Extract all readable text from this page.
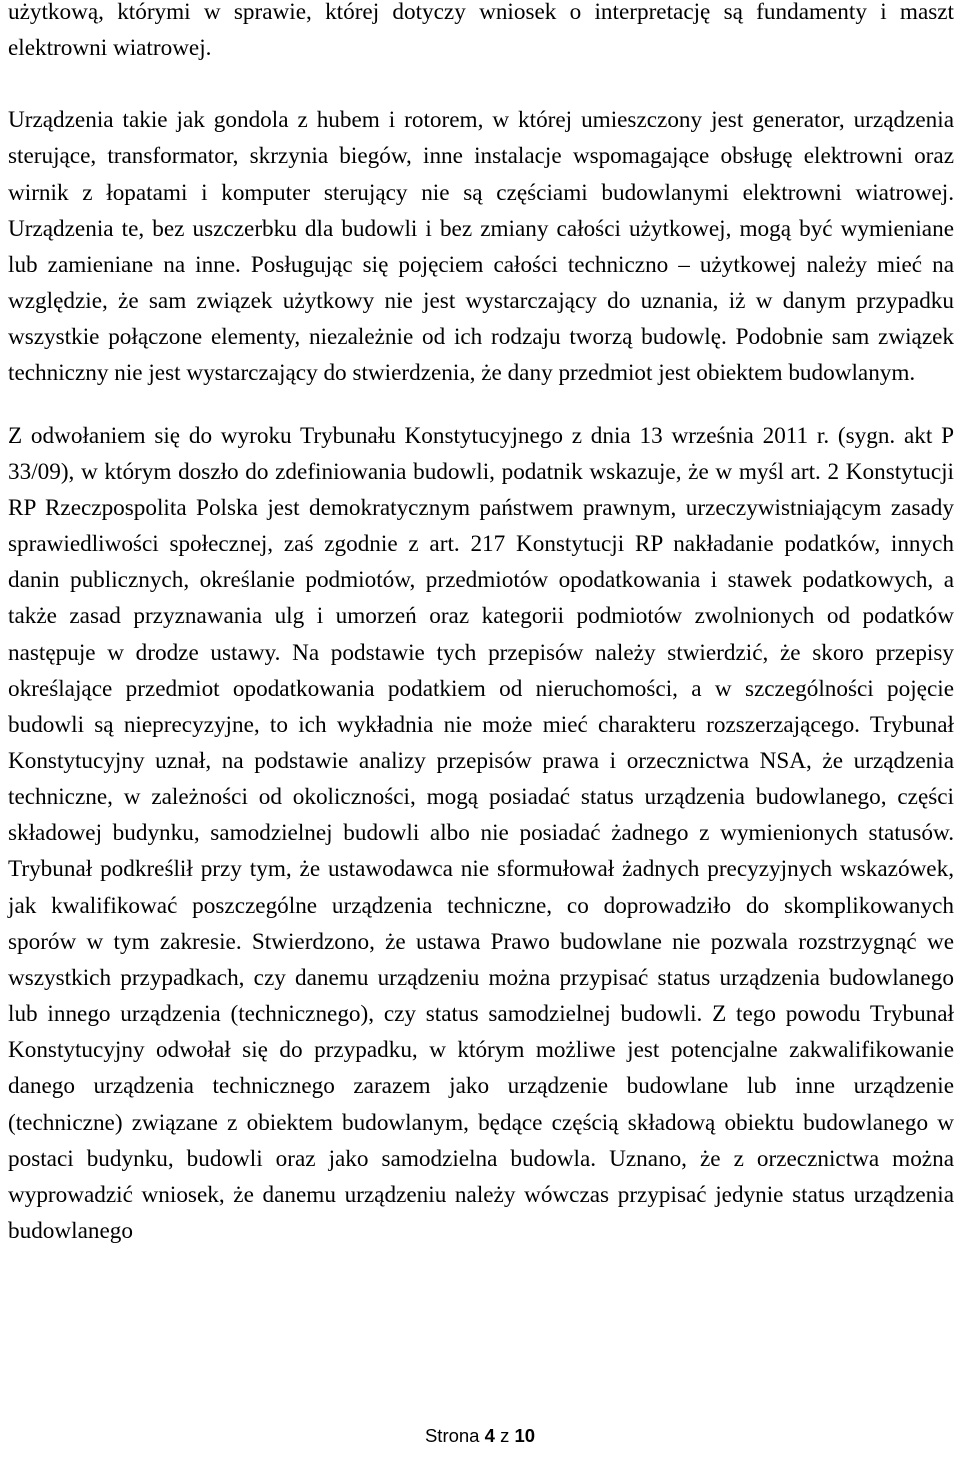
użytkową, którymi w sprawie, której dotyczy wniosek o interpretację są fundamenty i maszt elektrowni wiatrowej.

Urządzenia takie jak gondola z hubem i rotorem, w której umieszczony jest generator, urządzenia sterujące, transformator, skrzynia biegów, inne instalacje wspomagające obsługę elektrowni oraz wirnik z łopatami i komputer sterujący nie są częściami budowlanymi elektrowni wiatrowej. Urządzenia te, bez uszczerbku dla budowli i bez zmiany całości użytkowej, mogą być wymieniane lub zamieniane na inne. Posługując się pojęciem całości techniczno – użytkowej należy mieć na względzie, że sam związek użytkowy nie jest wystarczający do uznania, iż w danym przypadku wszystkie połączone elementy, niezależnie od ich rodzaju tworzą budowlę. Podobnie sam związek techniczny nie jest wystarczający do stwierdzenia, że dany przedmiot jest obiektem budowlanym.

Z odwołaniem się do wyroku Trybunału Konstytucyjnego z dnia 13 września 2011 r. (sygn. akt P 33/09), w którym doszło do zdefiniowania budowli, podatnik wskazuje, że w myśl art. 2 Konstytucji RP Rzeczpospolita Polska jest demokratycznym państwem prawnym, urzeczywistniającym zasady sprawiedliwości społecznej, zaś zgodnie z art. 217 Konstytucji RP nakładanie podatków, innych danin publicznych, określanie podmiotów, przedmiotów opodatkowania i stawek podatkowych, a także zasad przyznawania ulg i umorzeń oraz kategorii podmiotów zwolnionych od podatków następuje w drodze ustawy. Na podstawie tych przepisów należy stwierdzić, że skoro przepisy określające przedmiot opodatkowania podatkiem od nieruchomości, a w szczególności pojęcie budowli są nieprecyzyjne, to ich wykładnia nie może mieć charakteru rozszerzającego. Trybunał Konstytucyjny uznał, na podstawie analizy przepisów prawa i orzecznictwa NSA, że urządzenia techniczne, w zależności od okoliczności, mogą posiadać status urządzenia budowlanego, części składowej budynku, samodzielnej budowli albo nie posiadać żadnego z wymienionych statusów. Trybunał podkreślił przy tym, że ustawodawca nie sformułował żadnych precyzyjnych wskazówek, jak kwalifikować poszczególne urządzenia techniczne, co doprowadziło do skomplikowanych sporów w tym zakresie. Stwierdzono, że ustawa Prawo budowlane nie pozwala rozstrzygnąć we wszystkich przypadkach, czy danemu urządzeniu można przypisać status urządzenia budowlanego lub innego urządzenia (technicznego), czy status samodzielnej budowli. Z tego powodu Trybunał Konstytucyjny odwołał się do przypadku, w którym możliwe jest potencjalne zakwalifikowanie danego urządzenia technicznego zarazem jako urządzenie budowlane lub inne urządzenie (techniczne) związane z obiektem budowlanym, będące częścią składową obiektu budowlanego w postaci budynku, budowli oraz jako samodzielna budowla. Uznano, że z orzecznictwa można wyprowadzić wniosek, że danemu urządzeniu należy wówczas przypisać jedynie status urządzenia budowlanego

Strona 4 z 10
